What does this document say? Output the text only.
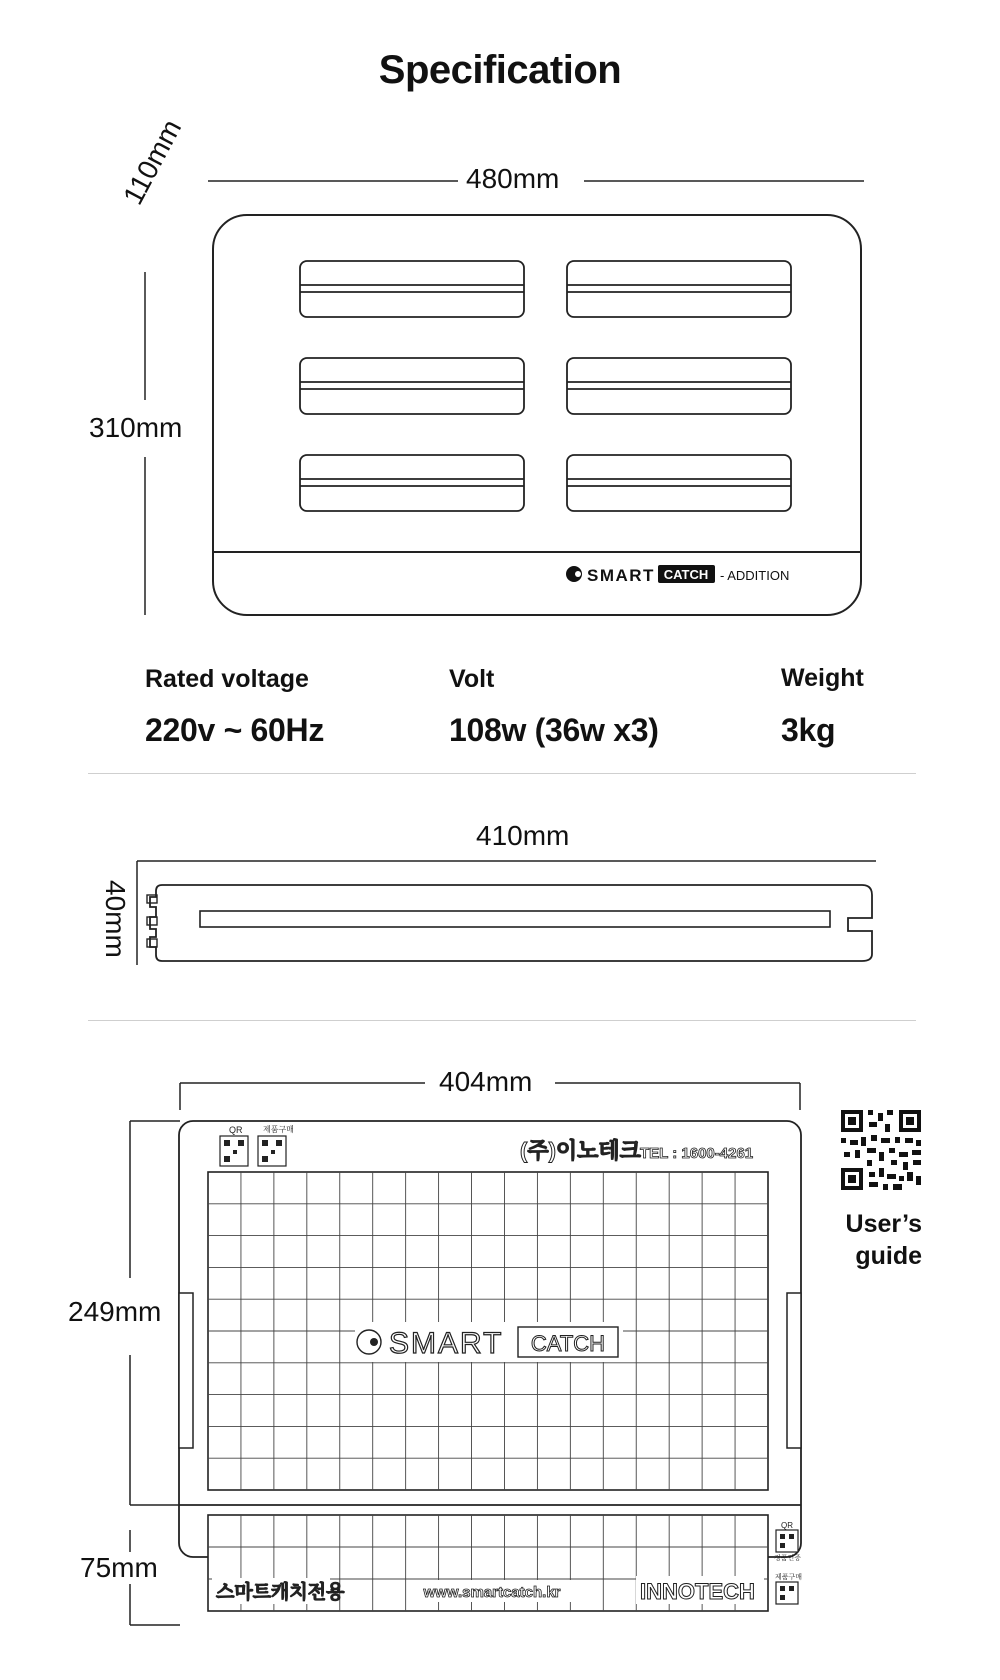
Specification
SMART CATCH - ADDITION
480mm
310mm
110mm
Rated voltage
220v ~ 60Hz
Volt
108w (36w x3)
Weight
3kg
410mm
40mm
QR	제품구매
QR
정품인증
제품구매
(주)이노테크 TEL : 1600-4261
SMART CATCH
스마트캐치전용	www.smartcatch.kr	INNOTECH
404mm
249mm
75mm
User’s
guide
